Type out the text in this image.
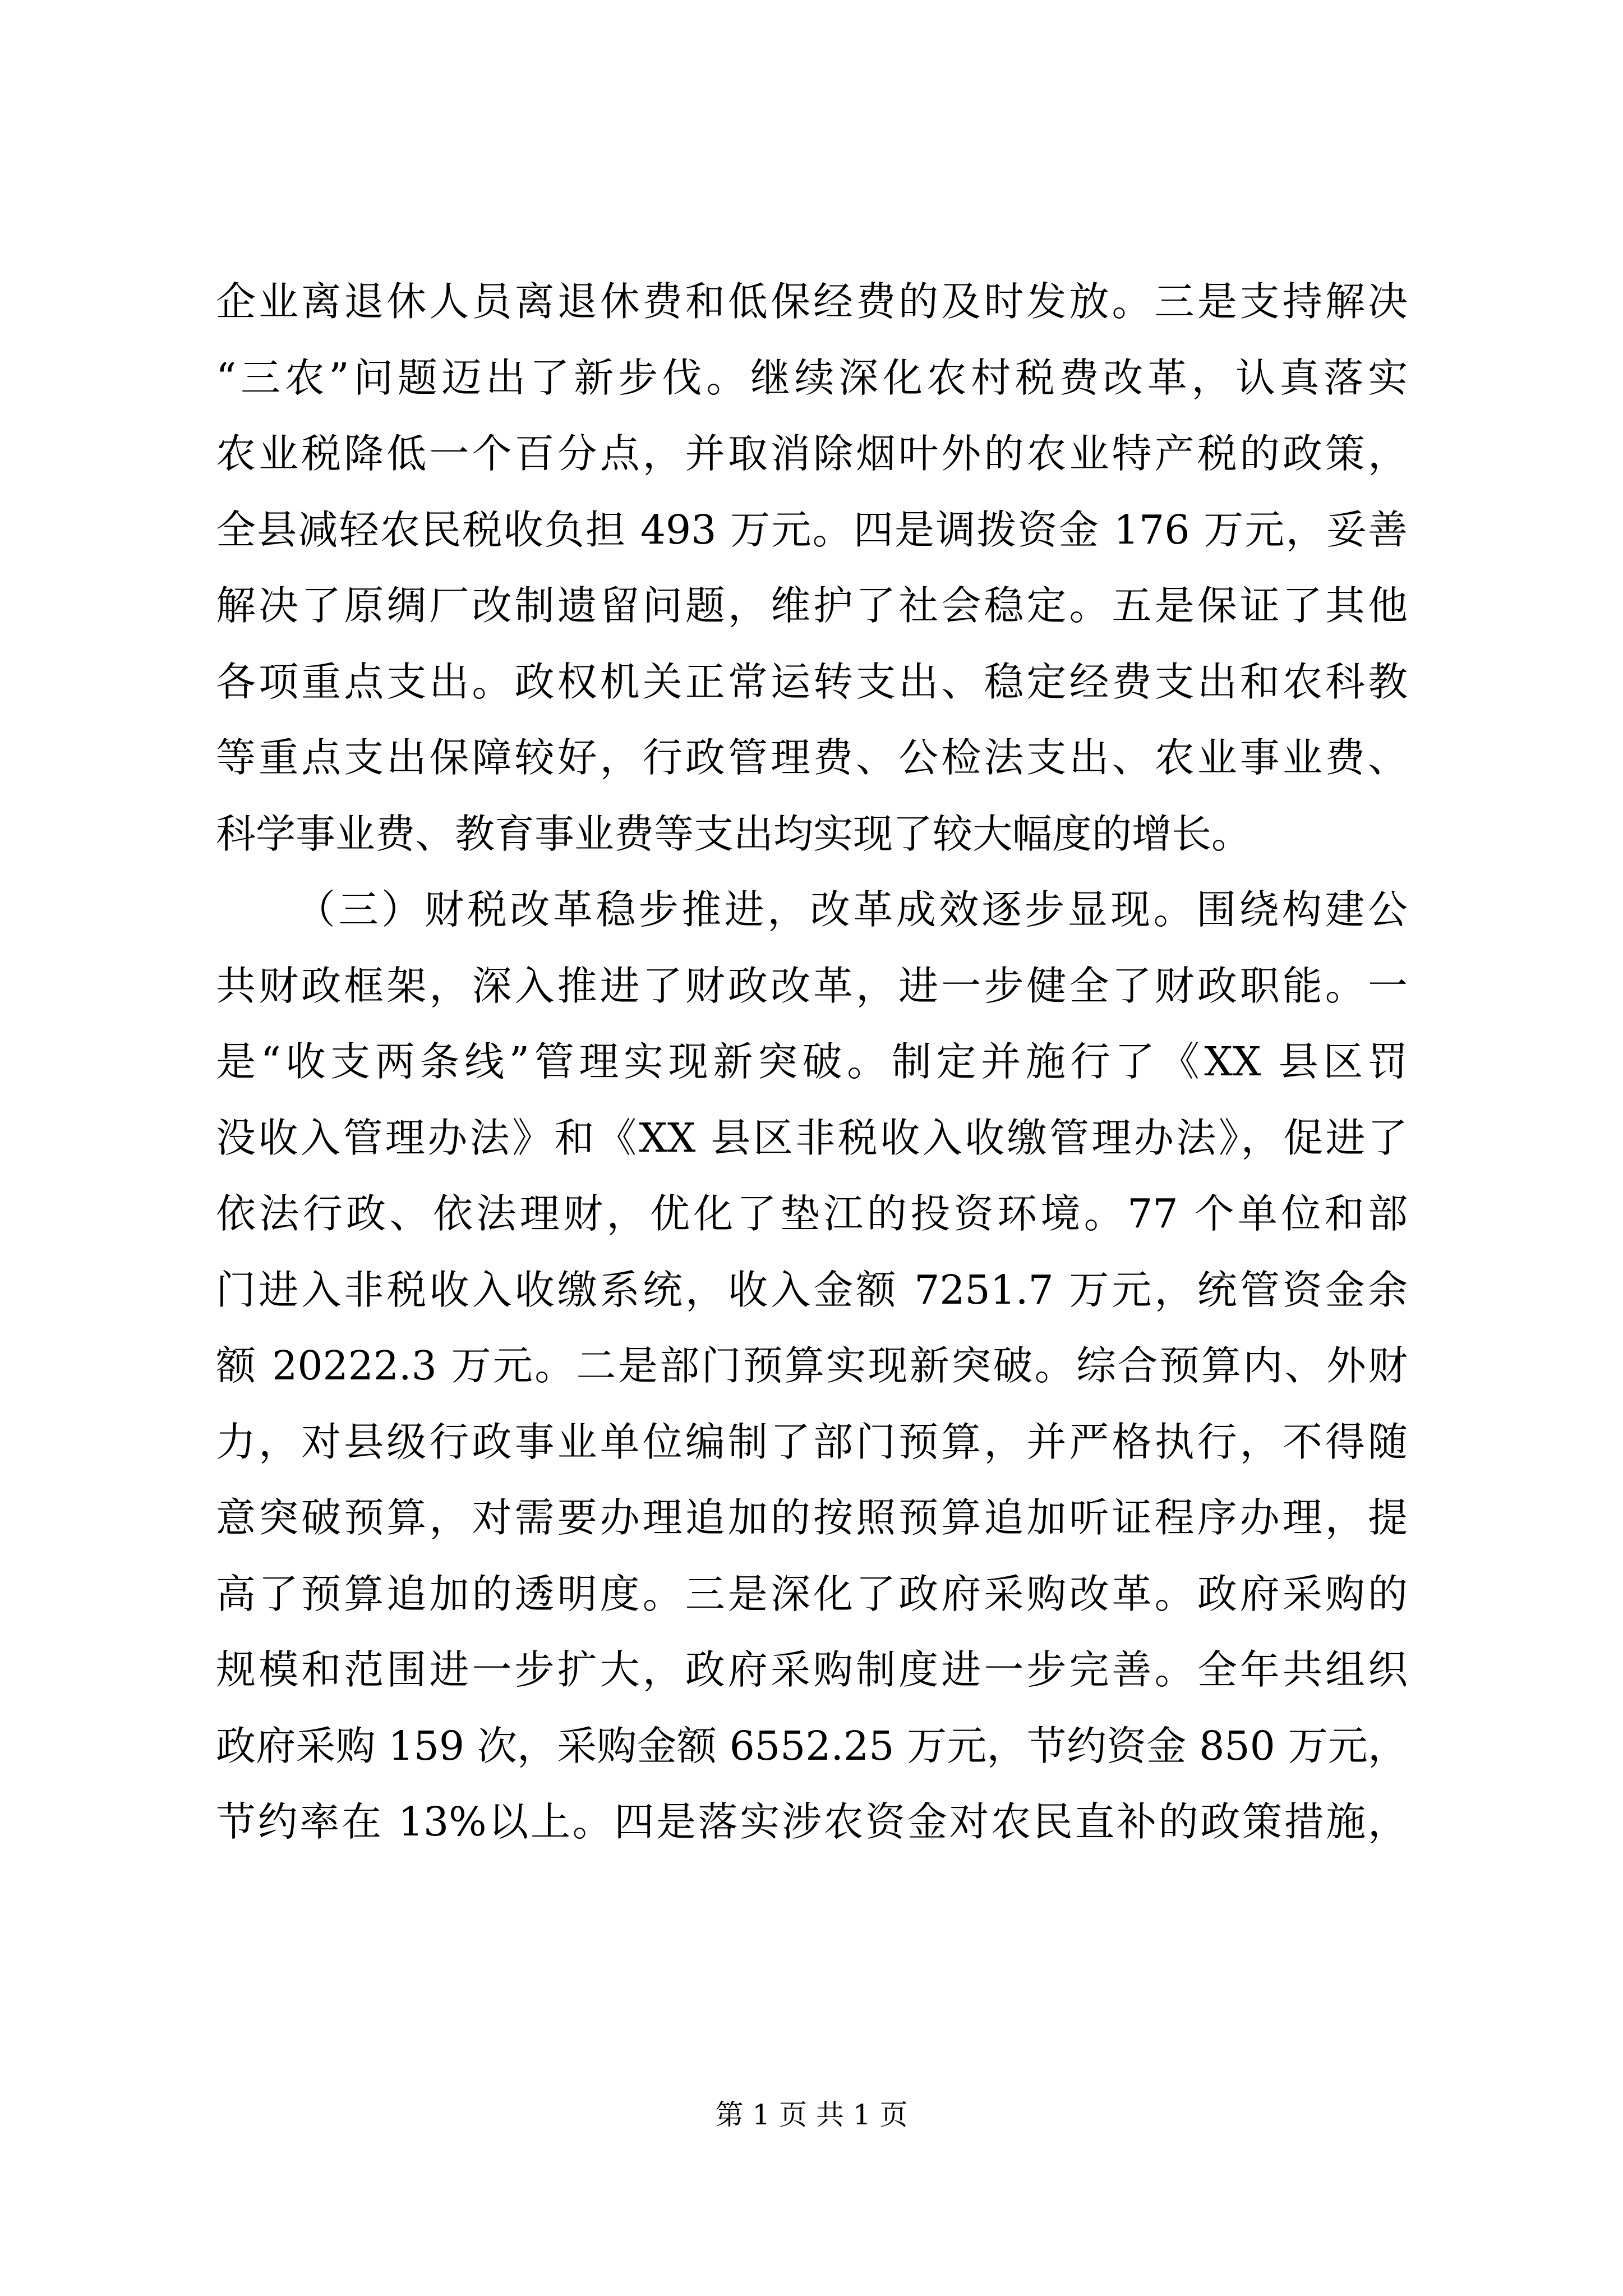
企业离退休人员离退休费和低保经费的及时发放。三是支持解决
“三农”问题迈出了新步伐。继续深化农村税费改革，认真落实
农业税降低一个百分点，并取消除烟叶外的农业特产税的政策，
全县减轻农民税收负担 493 万元。四是调拨资金 176 万元，妥善
解决了原绸厂改制遗留问题，维护了社会稳定。五是保证了其他
各项重点支出。政权机关正常运转支出、稳定经费支出和农科教
等重点支出保障较好，行政管理费、公检法支出、农业事业费、
科学事业费、教育事业费等支出均实现了较大幅度的增长。
（三）财税改革稳步推进，改革成效逐步显现。围绕构建公
共财政框架，深入推进了财政改革，进一步健全了财政职能。一
是“收支两条线”管理实现新突破。制定并施行了《XX 县区罚
没收入管理办法》和《XX 县区非税收入收缴管理办法》，促进了
依法行政、依法理财，优化了垫江的投资环境。77 个单位和部
门进入非税收入收缴系统，收入金额 7251.7 万元，统管资金余
额 20222.3 万元。二是部门预算实现新突破。综合预算内、外财
力，对县级行政事业单位编制了部门预算，并严格执行，不得随
意突破预算，对需要办理追加的按照预算追加听证程序办理，提
高了预算追加的透明度。三是深化了政府采购改革。政府采购的
规模和范围进一步扩大，政府采购制度进一步完善。全年共组织
政府采购 159 次，采购金额 6552.25 万元，节约资金 850 万元，
节约率在 13%以上。四是落实涉农资金对农民直补的政策措施，
第 1 页 共 1 页
